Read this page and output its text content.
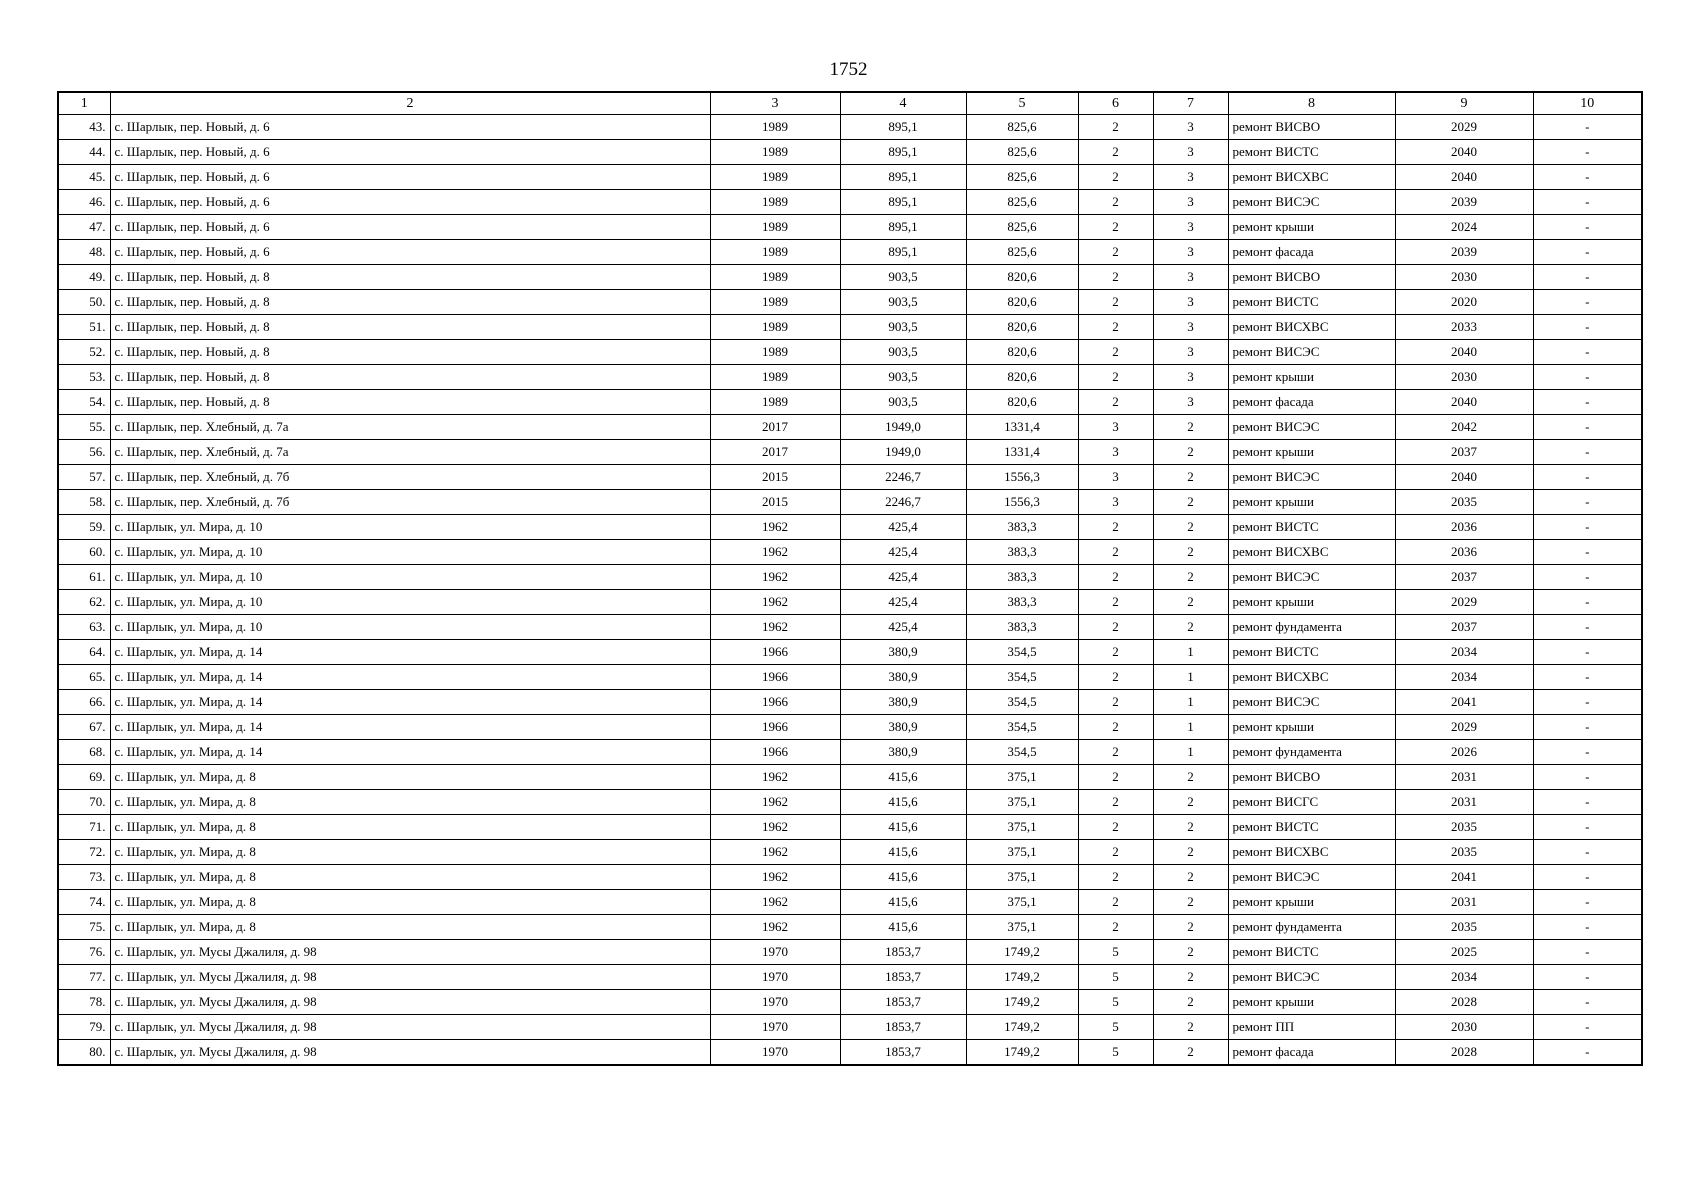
1752
1	2	3	4	5	6	7	8	9	10
43.	с. Шарлык, пер. Новый, д. 6	1989	895,1	825,6	2	3	ремонт ВИСВО	2029	-
44.	с. Шарлык, пер. Новый, д. 6	1989	895,1	825,6	2	3	ремонт ВИСТС	2040	-
45.	с. Шарлык, пер. Новый, д. 6	1989	895,1	825,6	2	3	ремонт ВИСХВС	2040	-
46.	с. Шарлык, пер. Новый, д. 6	1989	895,1	825,6	2	3	ремонт ВИСЭС	2039	-
47.	с. Шарлык, пер. Новый, д. 6	1989	895,1	825,6	2	3	ремонт крыши	2024	-
48.	с. Шарлык, пер. Новый, д. 6	1989	895,1	825,6	2	3	ремонт фасада	2039	-
49.	с. Шарлык, пер. Новый, д. 8	1989	903,5	820,6	2	3	ремонт ВИСВО	2030	-
50.	с. Шарлык, пер. Новый, д. 8	1989	903,5	820,6	2	3	ремонт ВИСТС	2020	-
51.	с. Шарлык, пер. Новый, д. 8	1989	903,5	820,6	2	3	ремонт ВИСХВС	2033	-
52.	с. Шарлык, пер. Новый, д. 8	1989	903,5	820,6	2	3	ремонт ВИСЭС	2040	-
53.	с. Шарлык, пер. Новый, д. 8	1989	903,5	820,6	2	3	ремонт крыши	2030	-
54.	с. Шарлык, пер. Новый, д. 8	1989	903,5	820,6	2	3	ремонт фасада	2040	-
55.	с. Шарлык, пер. Хлебный, д. 7а	2017	1949,0	1331,4	3	2	ремонт ВИСЭС	2042	-
56.	с. Шарлык, пер. Хлебный, д. 7а	2017	1949,0	1331,4	3	2	ремонт крыши	2037	-
57.	с. Шарлык, пер. Хлебный, д. 7б	2015	2246,7	1556,3	3	2	ремонт ВИСЭС	2040	-
58.	с. Шарлык, пер. Хлебный, д. 7б	2015	2246,7	1556,3	3	2	ремонт крыши	2035	-
59.	с. Шарлык, ул. Мира, д. 10	1962	425,4	383,3	2	2	ремонт ВИСТС	2036	-
60.	с. Шарлык, ул. Мира, д. 10	1962	425,4	383,3	2	2	ремонт ВИСХВС	2036	-
61.	с. Шарлык, ул. Мира, д. 10	1962	425,4	383,3	2	2	ремонт ВИСЭС	2037	-
62.	с. Шарлык, ул. Мира, д. 10	1962	425,4	383,3	2	2	ремонт крыши	2029	-
63.	с. Шарлык, ул. Мира, д. 10	1962	425,4	383,3	2	2	ремонт фундамента	2037	-
64.	с. Шарлык, ул. Мира, д. 14	1966	380,9	354,5	2	1	ремонт ВИСТС	2034	-
65.	с. Шарлык, ул. Мира, д. 14	1966	380,9	354,5	2	1	ремонт ВИСХВС	2034	-
66.	с. Шарлык, ул. Мира, д. 14	1966	380,9	354,5	2	1	ремонт ВИСЭС	2041	-
67.	с. Шарлык, ул. Мира, д. 14	1966	380,9	354,5	2	1	ремонт крыши	2029	-
68.	с. Шарлык, ул. Мира, д. 14	1966	380,9	354,5	2	1	ремонт фундамента	2026	-
69.	с. Шарлык, ул. Мира, д. 8	1962	415,6	375,1	2	2	ремонт ВИСВО	2031	-
70.	с. Шарлык, ул. Мира, д. 8	1962	415,6	375,1	2	2	ремонт ВИСГС	2031	-
71.	с. Шарлык, ул. Мира, д. 8	1962	415,6	375,1	2	2	ремонт ВИСТС	2035	-
72.	с. Шарлык, ул. Мира, д. 8	1962	415,6	375,1	2	2	ремонт ВИСХВС	2035	-
73.	с. Шарлык, ул. Мира, д. 8	1962	415,6	375,1	2	2	ремонт ВИСЭС	2041	-
74.	с. Шарлык, ул. Мира, д. 8	1962	415,6	375,1	2	2	ремонт крыши	2031	-
75.	с. Шарлык, ул. Мира, д. 8	1962	415,6	375,1	2	2	ремонт фундамента	2035	-
76.	с. Шарлык, ул. Мусы Джалиля, д. 98	1970	1853,7	1749,2	5	2	ремонт ВИСТС	2025	-
77.	с. Шарлык, ул. Мусы Джалиля, д. 98	1970	1853,7	1749,2	5	2	ремонт ВИСЭС	2034	-
78.	с. Шарлык, ул. Мусы Джалиля, д. 98	1970	1853,7	1749,2	5	2	ремонт крыши	2028	-
79.	с. Шарлык, ул. Мусы Джалиля, д. 98	1970	1853,7	1749,2	5	2	ремонт ПП	2030	-
80.	с. Шарлык, ул. Мусы Джалиля, д. 98	1970	1853,7	1749,2	5	2	ремонт фасада	2028	-
